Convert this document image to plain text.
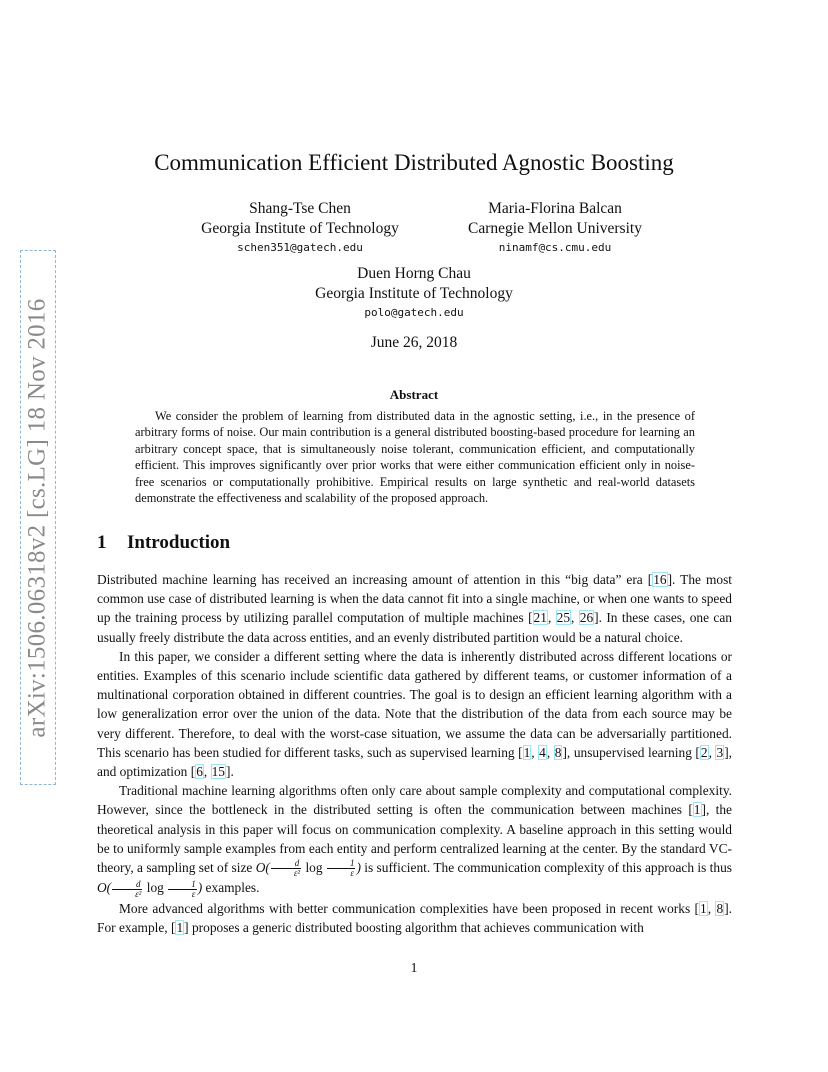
arXiv:1506.06318v2 [cs.LG] 18 Nov 2016
Communication Efficient Distributed Agnostic Boosting
Shang-Tse Chen
Georgia Institute of Technology
schen351@gatech.edu
Maria-Florina Balcan
Carnegie Mellon University
ninamf@cs.cmu.edu
Duen Horng Chau
Georgia Institute of Technology
polo@gatech.edu
June 26, 2018
Abstract
We consider the problem of learning from distributed data in the agnostic setting, i.e., in the presence of arbitrary forms of noise. Our main contribution is a general distributed boosting-based procedure for learning an arbitrary concept space, that is simultaneously noise tolerant, communication efficient, and computationally efficient. This improves significantly over prior works that were either communication efficient only in noise-free scenarios or computationally prohibitive. Empirical results on large synthetic and real-world datasets demonstrate the effectiveness and scalability of the proposed approach.
1 Introduction

Distributed machine learning has received an increasing amount of attention in this “big data” era [16]. The most common use case of distributed learning is when the data cannot fit into a single machine, or when one wants to speed up the training process by utilizing parallel computation of multiple machines [21, 25, 26]. In these cases, one can usually freely distribute the data across entities, and an evenly distributed partition would be a natural choice.

In this paper, we consider a different setting where the data is inherently distributed across different locations or entities. Examples of this scenario include scientific data gathered by different teams, or customer information of a multinational corporation obtained in different countries. The goal is to design an efficient learning algorithm with a low generalization error over the union of the data. Note that the distribution of the data from each source may be very different. Therefore, to deal with the worst-case situation, we assume the data can be adversarially partitioned. This scenario has been studied for different tasks, such as supervised learning [1, 4, 8], unsupervised learning [2, 3], and optimization [6, 15].

Traditional machine learning algorithms often only care about sample complexity and computational complexity. However, since the bottleneck in the distributed setting is often the communication between machines [1], the theoretical analysis in this paper will focus on communication complexity. A baseline approach in this setting would be to uniformly sample examples from each entity and perform centralized learning at the center. By the standard VC-theory, a sampling set of size $O( \frac{d}{\text{ε²}}$ $\log \frac{1}{\varepsilon}$ ) is sufficient. The communication complexity of this approach is thus $O( \frac{d}{\text{ε²}}$ $\log \frac{1}{\varepsilon}$ ) examples.

More advanced algorithms with better communication complexities have been proposed in recent works [1, 8]. For example, [1] proposes a generic distributed boosting algorithm that achieves communication with

1
